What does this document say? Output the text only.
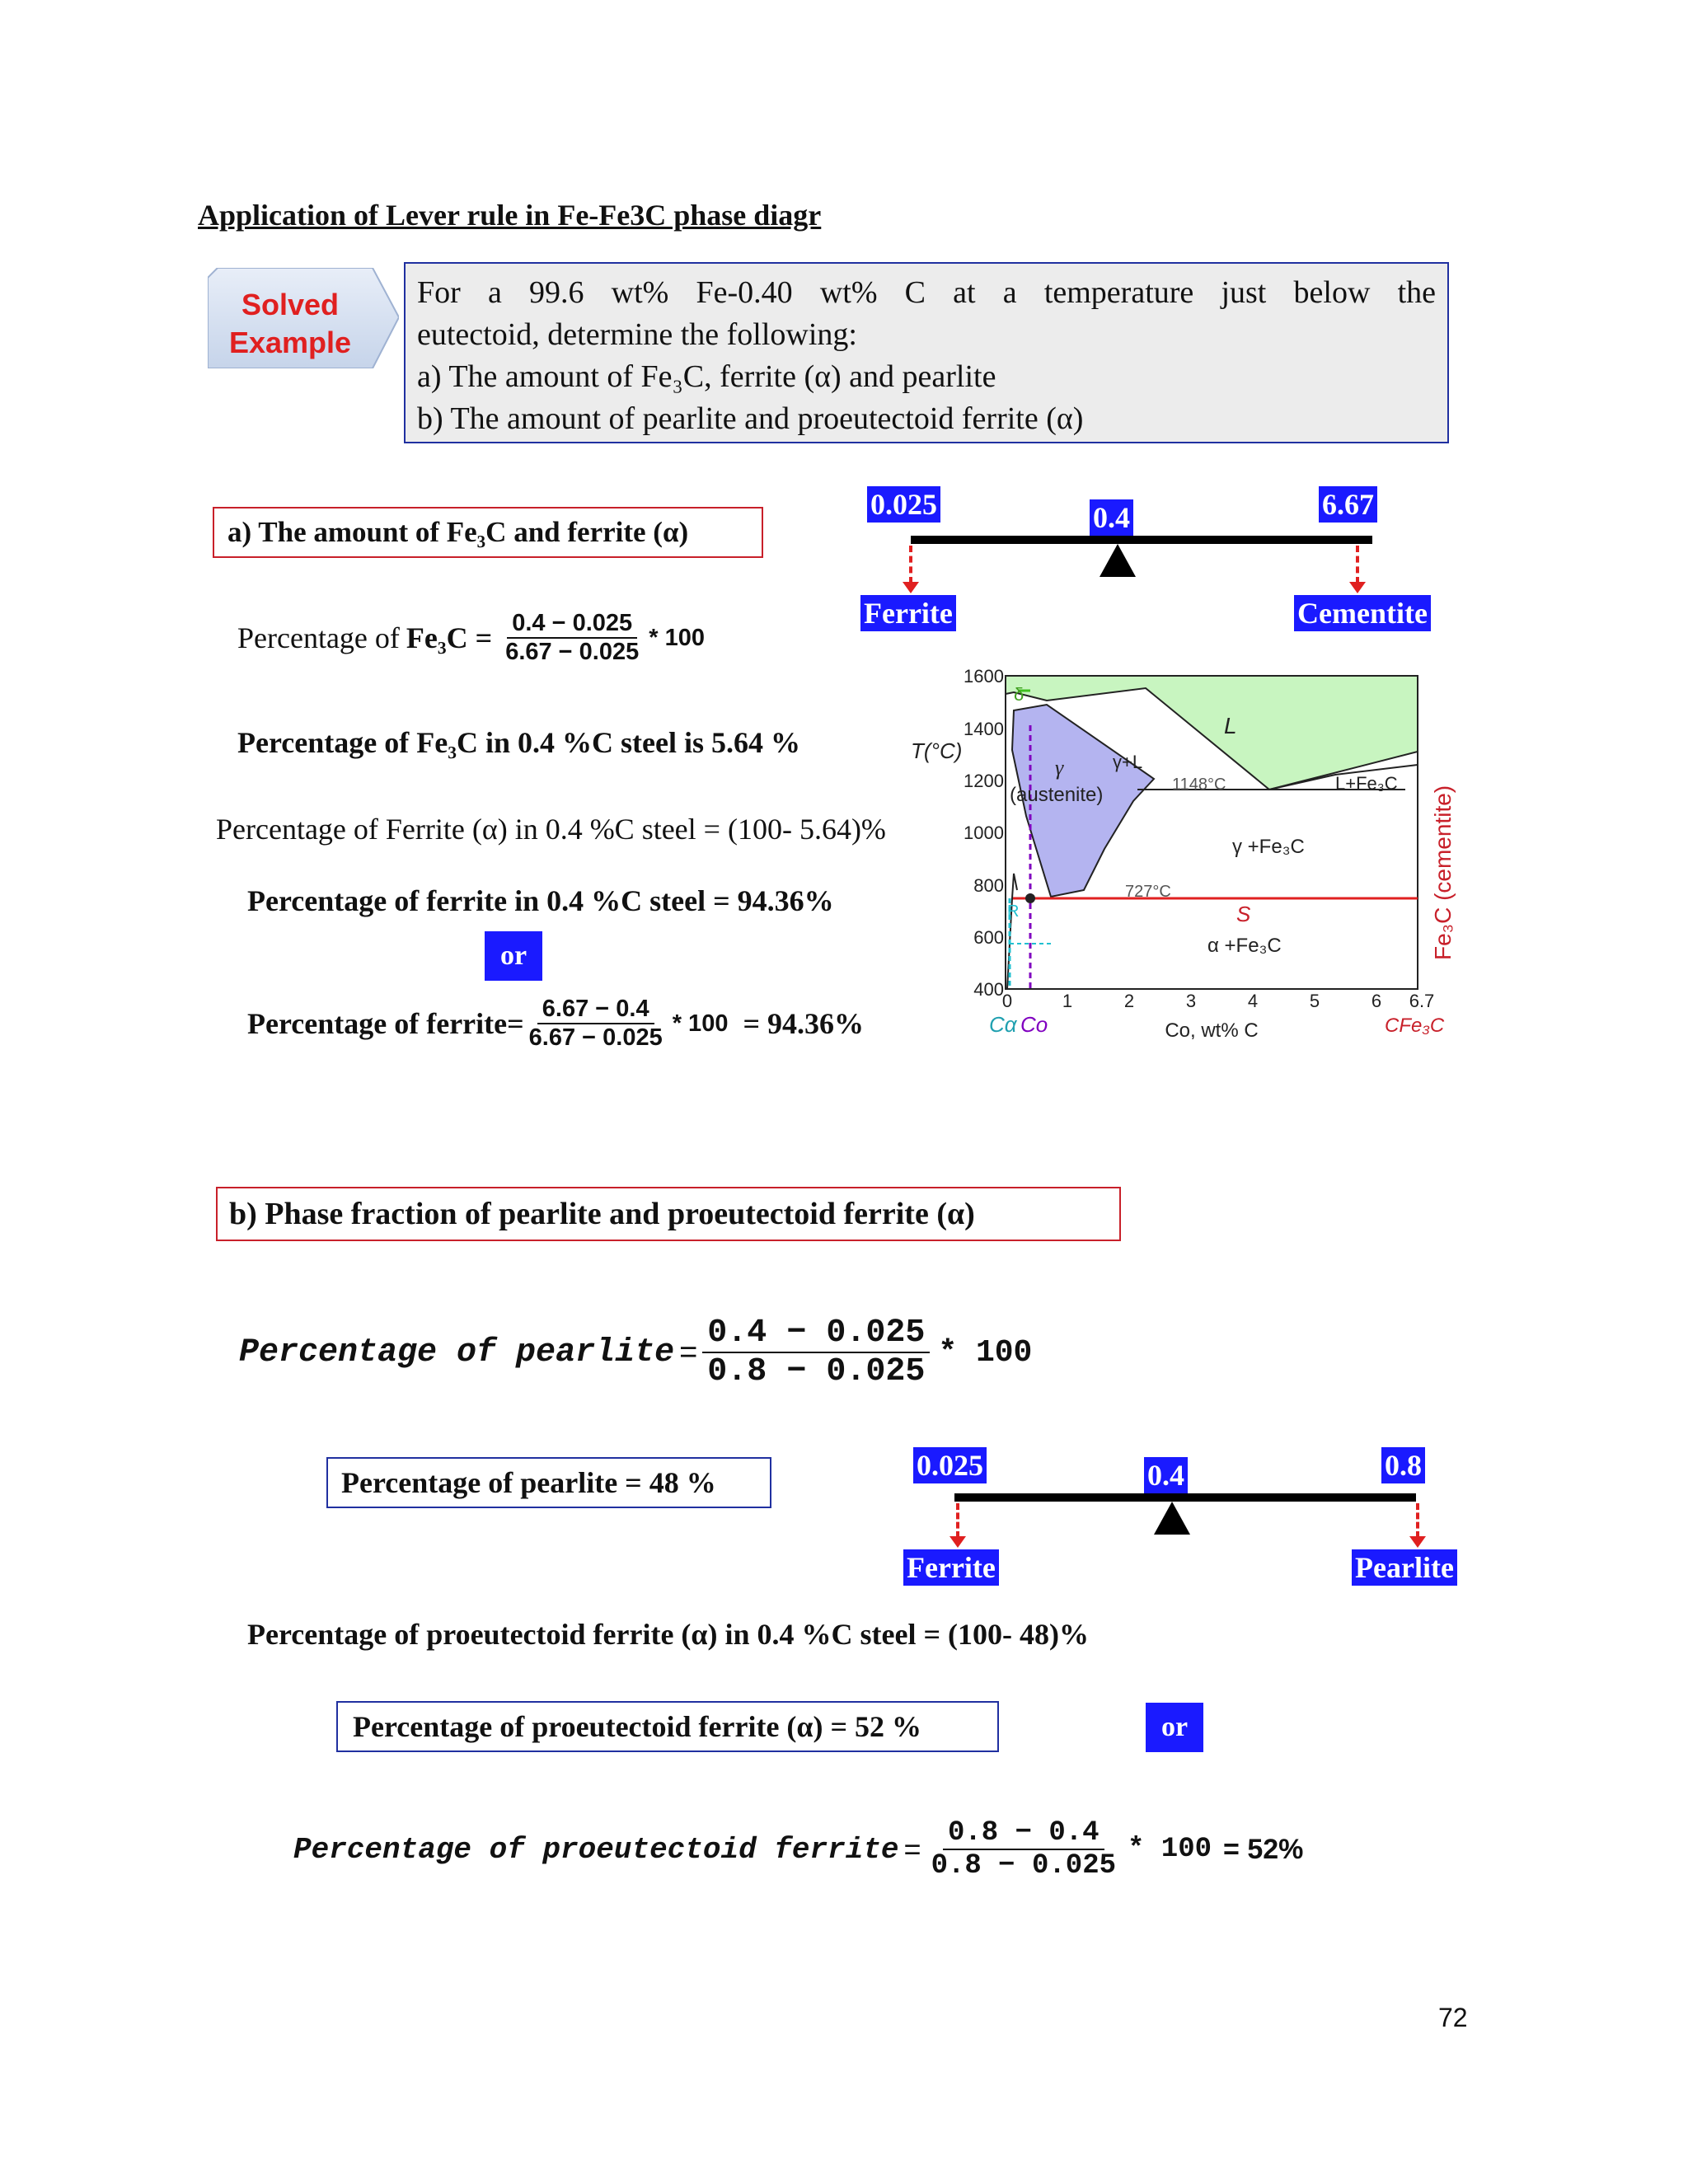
Application of Lever rule in Fe-Fe3C phase diagr
Solved
Example
For a 99.6 wt% Fe-0.40 wt% C at a temperature just below the
eutectoid, determine the following:
a) The amount of Fe₃C, ferrite (α) and pearlite
b) The amount of pearlite and proeutectoid ferrite (α)
a) The amount of Fe₃C and ferrite (α)
Percentage of $Fe_3C = \frac{0.4 - 0.025}{6.67 - 0.025} * 100$
Percentage of Fe₃C in 0.4 %C steel is 5.64 %
Percentage of Ferrite (α) in 0.4 %C steel = (100- 5.64)%
Percentage of ferrite in 0.4 %C steel = 94.36%
or
Percentage of ferrite= $\frac{6.67 - 0.4}{6.67 - 0.025} * 100 = 94.36\%$
0.025	0.4	6.67
Ferrite	Cementite
1600
1400
1200
1000
800
600
400
0	1	2	3	4	5	6 6.7
T(°C)
Co, wt% C
Cα Co	CFe₃C
Fe₃C (cementite)
L
δ
γ
(austenite)
γ+L
1148°C	L+Fe₃C
γ +Fe₃C
727°C
S
R
α +Fe₃C
b) Phase fraction of pearlite and proeutectoid ferrite (α)
Percentage of pearlite = $\frac{0.4 - 0.025}{0.8 - 0.025} * 100$
Percentage of pearlite = 48 %
0.025	0.4	0.8
Ferrite	Pearlite
Percentage of proeutectoid ferrite (α) in 0.4 %C steel = (100- 48)%
Percentage of proeutectoid ferrite (α) = 52 %	or
Percentage of proeutectoid ferrite = $\frac{0.8 - 0.4}{0.8 - 0.025} * 100 = 52\%$
72
